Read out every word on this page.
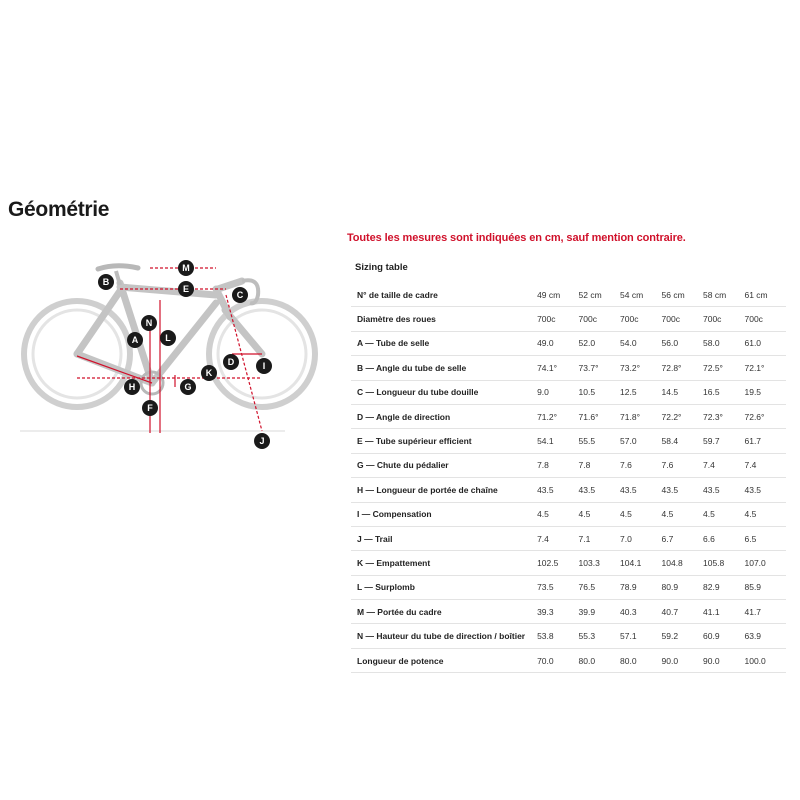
Géométrie
Toutes les mesures sont indiquées en cm, sauf mention contraire.
Sizing table
B
M
E
C
N
L
A
D	I
K
H	G
F
J
N° de taille de cadre	49 cm	52 cm	54 cm	56 cm	58 cm	61 cm
Diamètre des roues	700c	700c	700c	700c	700c	700c
A — Tube de selle	49.0	52.0	54.0	56.0	58.0	61.0
B — Angle du tube de selle	74.1°	73.7°	73.2°	72.8°	72.5°	72.1°
C — Longueur du tube douille	9.0	10.5	12.5	14.5	16.5	19.5
D — Angle de direction	71.2°	71.6°	71.8°	72.2°	72.3°	72.6°
E — Tube supérieur efficient	54.1	55.5	57.0	58.4	59.7	61.7
G — Chute du pédalier	7.8	7.8	7.6	7.6	7.4	7.4
H — Longueur de portée de chaîne	43.5	43.5	43.5	43.5	43.5	43.5
I — Compensation	4.5	4.5	4.5	4.5	4.5	4.5
J — Trail	7.4	7.1	7.0	6.7	6.6	6.5
K — Empattement	102.5	103.3	104.1	104.8	105.8	107.0
L — Surplomb	73.5	76.5	78.9	80.9	82.9	85.9
M — Portée du cadre	39.3	39.9	40.3	40.7	41.1	41.7
N — Hauteur du tube de direction / boîtier	53.8	55.3	57.1	59.2	60.9	63.9
Longueur de potence	70.0	80.0	80.0	90.0	90.0	100.0
